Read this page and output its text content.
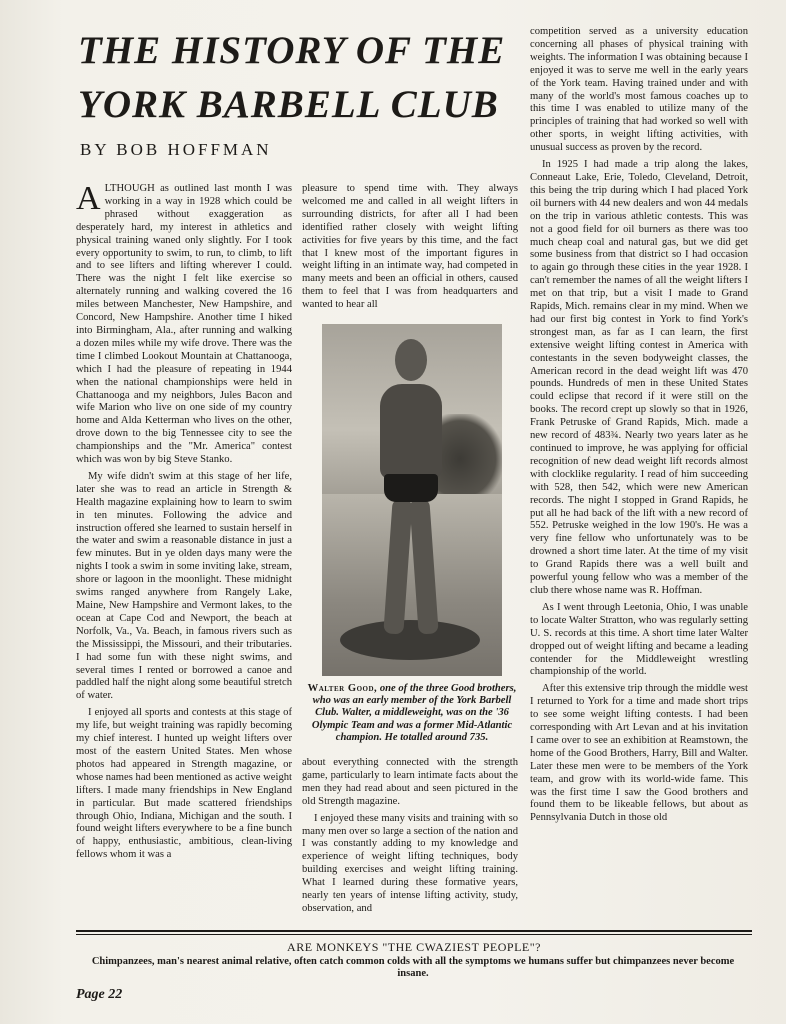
THE HISTORY OF THE
YORK BARBELL CLUB
BY BOB HOFFMAN

ALTHOUGH as outlined last month I was working in a way in 1928 which could be phrased without exaggeration as desperately hard, my interest in athletics and physical training waned only slightly. For I took every opportunity to swim, to run, to climb, to lift and to see lifters and lifting wherever I could. There was the night I felt like exercise so alternately running and walking covered the 16 miles between Manchester, New Hampshire, and Concord, New Hampshire. Another time I hiked into Birmingham, Ala., after running and walking a dozen miles while my wife drove. There was the time I climbed Lookout Mountain at Chattanooga, which I had the pleasure of repeating in 1944 when the national championships were held in Chattanooga and my neighbors, Jules Bacon and wife Marion who live on one side of my country home and Alda Ketterman who lives on the other, drove down to the big Tennessee city to see the championships and the "Mr. America" contest which was won by big Steve Stanko.

My wife didn't swim at this stage of her life, later she was to read an article in Strength & Health magazine explaining how to learn to swim in ten minutes. Following the advice and instruction offered she learned to sustain herself in the water and swim a reasonable distance in just a few minutes. But in ye olden days many were the nights I took a swim in some inviting lake, stream, shore or lagoon in the moonlight. These midnight swims ranged anywhere from Rangely Lake, Maine, New Hampshire and Vermont lakes, to the ocean at Cape Cod and Newport, the beach at Norfolk, Va., Va. Beach, in famous rivers such as the Mississippi, the Missouri, and their tributaries. I had some fun with these night swims, and several times I rented or borrowed a canoe and paddled half the night along some beautiful stretch of water.

I enjoyed all sports and contests at this stage of my life, but weight training was rapidly becoming my chief interest. I hunted up weight lifters over most of the eastern United States. Men whose photos had appeared in Strength magazine, or whose names had been mentioned as active weight lifters. I made many friendships in New England in particular. But made scattered friendships through Ohio, Indiana, Michigan and the south. I found weight lifters everywhere to be a fine bunch of happy, enthusiastic, ambitious, clean-living fellows whom it was a

pleasure to spend time with. They always welcomed me and called in all weight lifters in surrounding districts, for after all I had been identified rather closely with weight lifting activities for five years by this time, and the fact that I knew most of the important figures in weight lifting in an intimate way, had competed in many meets and been an official in others, caused them to feel that I was from headquarters and wanted to hear all

Walter Good, one of the three Good brothers, who was an early member of the York Barbell Club. Walter, a middleweight, was on the '36 Olympic Team and was a former Mid-Atlantic champion. He totalled around 735.

about everything connected with the strength game, particularly to learn intimate facts about the men they had read about and seen pictured in the old Strength magazine.

I enjoyed these many visits and training with so many men over so large a section of the nation and I was constantly adding to my knowledge and experience of weight lifting techniques, body building exercises and weight lifting training. What I learned during these formative years, nearly ten years of intense lifting activity, study, observation, and

competition served as a university education concerning all phases of physical training with weights. The information I was obtaining because I enjoyed it was to serve me well in the early years of the York team. Having trained under and with many of the world's most famous coaches up to this time I was enabled to utilize many of the principles of training that had worked so well with other sports, in weight lifting activities, with unusual success as proven by the record.

In 1925 I had made a trip along the lakes, Conneaut Lake, Erie, Toledo, Cleveland, Detroit, this being the trip during which I had placed York oil burners with 44 new dealers and won 44 medals on the trip in various athletic contests. This was not a good field for oil burners as there was too much cheap coal and natural gas, but we did get some business from that district so I had occasion to again go through these cities in the year 1928. I can't remember the names of all the weight lifters I met on that trip, but a visit I made to Grand Rapids, Mich. remains clear in my mind. When we had our first big contest in York to find York's strongest man, as far as I can learn, the first extensive weight lifting contest in America with contestants in the seven bodyweight classes, the American record in the dead weight lift was 470 pounds. Hundreds of men in these United States could eclipse that record if it were still on the books. The record crept up slowly so that in 1926, Frank Petruske of Grand Rapids, Mich. made a new record of 483¾. Nearly two years later as he continued to improve, he was applying for official recognition of new dead weight lift records almost with clocklike regularity. I read of him succeeding with 528, then 542, which were new American records. The night I stopped in Grand Rapids, he put all he had back of the lift with a new record of 552. Petruske weighed in the low 190's. He was a very fine fellow who unfortunately was to be drowned a short time later. At the time of my visit to Grand Rapids there was a well built and powerful young fellow who was a member of the club there whose name was R. Hoffman.

As I went through Leetonia, Ohio, I was unable to locate Walter Stratton, who was regularly setting U. S. records at this time. A short time later Walter dropped out of weight lifting and became a leading contender for the Middleweight wrestling championship of the world.

After this extensive trip through the middle west I returned to York for a time and made short trips to see some weight lifting contests. I had been corresponding with Art Levan and at his invitation I came over to see an exhibition at Reamstown, the home of the Good Brothers, Harry, Bill and Walter. Later these men were to be members of the York team, and grow with its world-wide fame. This was the first time I saw the Good brothers and found them to be likeable fellows, but about as Pennsylvania Dutch in those old

ARE MONKEYS "THE CWAZIEST PEOPLE"?
Chimpanzees, man's nearest animal relative, often catch common colds with all the symptoms we humans suffer but chimpanzees never become insane.
Page 22
